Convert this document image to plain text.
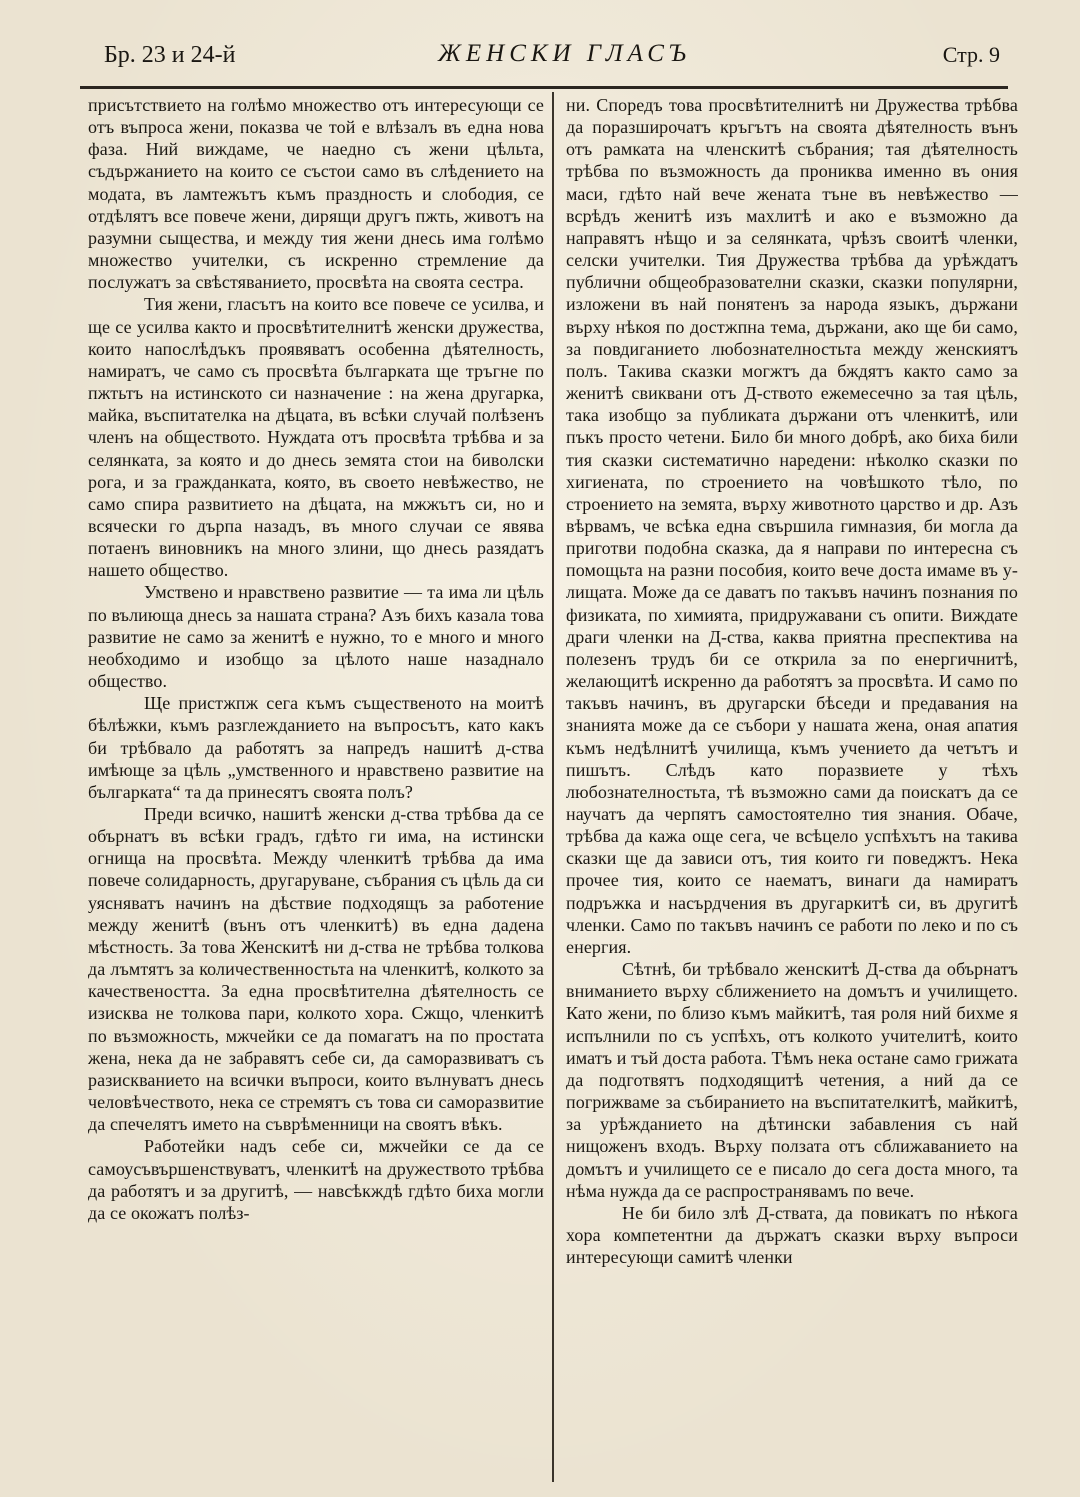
Бр. 23 и 24-й	ЖЕНСКИ ГЛАСЪ	Стр. 9

присътствието на голѣмо множество отъ интересующи се отъ въпроса жени, показва че той е влѣзалъ въ една нова фаза. Ний виждаме, че наедно съ жени цѣльта, съдържанието на които се състои само въ слѣдението на модата, въ ламтежътъ къмъ праздность и слободия, се отдѣлятъ все повече жени, дирящи другъ пжть, животъ на разумни сыщества, и между тия жени днесь има голѣмо множество учителки, съ искренно стремление да послужатъ за свѣстяванието, просвѣта на своята сестра.

Тия жени, гласътъ на които все повече се усилва, и ще се усилва както и просвѣтителнитѣ женски дружества, които напослѣдъкъ проявяватъ особенна дѣятелность, намиратъ, че само съ просвѣта българката ще тръгне по пжтьтъ на истинското си назначение : на жена другарка, майка, въспитателка на дѣцата, въ всѣки случай полѣзенъ членъ на обществото. Нуждата отъ просвѣта трѣбва и за селянката, за която и до днесь земята стои на биволски рога, и за гражданката, която, въ своето невѣжество, не само спира развитието на дѣцата, на мжжътъ си, но и всячески го дърпа назадъ, въ много случаи се явява потаенъ виновникъ на много злини, що днесь разядатъ нашето общество.

Умствено и нравствено развитие — та има ли цѣль по вълиюща днесь за нашата страна? Азъ бихъ казала това развитие не само за женитѣ е нужно, то е много и много необходимо и изобщо за цѣлото наше назаднало общество.

Ще пристжпж сега къмъ същественото на моитѣ бѣлѣжки, къмъ разглежданието на въпросътъ, като какъ би трѣбвало да работятъ за напредъ нашитѣ д-ства имѣюще за цѣль „умственного и нравствено развитие на българката“ та да принесятъ своята полъ?

Преди всичко, нашитѣ женски д-ства трѣбва да се обърнатъ въ всѣки градъ, гдѣто ги има, на истински огнища на просвѣта. Между членкитѣ трѣбва да има повече солидарность, другаруване, събрания съ цѣль да си уясняватъ начинъ на дѣствие подходящъ за работение между женитѣ (вънъ отъ членкитѣ) въ една дадена мѣстность. За това Женскитѣ ни д-ства не трѣбва толкова да лъмтятъ за количественностьта на членкитѣ, колкото за качествеността. За една просвѣтителна дѣятелность се изисква не толкова пари, колкото хора. Сжщо, членкитѣ по възможность, мжчейки се да помагатъ на по простата жена, нека да не забравятъ себе си, да саморазвиватъ съ разискванието на всички въпроси, които вълнуватъ днесь человѣчеството, нека се стремятъ съ това си саморазвитие да спечелятъ името на съврѣменници на своятъ вѣкъ.

Работейки надъ себе си, мжчейки се да се самоусъвършенствуватъ, членкитѣ на дружеството трѣбва да работятъ и за другитѣ, — навсѣкждѣ гдѣто биха могли да се окожатъ полѣз-

ни. Споредъ това просвѣтителнитѣ ни Дружества трѣбва да поразширочатъ кръгътъ на своята дѣятелность вънъ отъ рамката на членскитѣ събрания; тая дѣятелность трѣбва по възможность да прониква именно въ ония маси, гдѣто най вече жената тъне въ невѣжество — всрѣдъ женитѣ изъ махлитѣ и ако е възможно да направятъ нѣщо и за селянката, чрѣзъ своитѣ членки, селски учителки. Тия Дружества трѣбва да урѣждатъ публични общеобразователни сказки, сказки популярни, изложени въ най понятенъ за народа языкъ, държани върху нѣкоя по достжпна тема, държани, ако ще би само, за повдиганието любознателностьта между женскиятъ полъ. Такива сказки могжтъ да бждятъ както само за женитѣ свиквани отъ Д-ството ежемесечно за тая цѣль, така изобщо за публиката държани отъ членкитѣ, или пъкъ просто четени. Било би много добрѣ, ако биха били тия сказки систематично наредени: нѣколко сказки по хигиената, по строението на човѣшкото тѣло, по строението на земята, върху животното царство и др. Азъ вѣрвамъ, че всѣка една свършила гимназия, би могла да приготви подобна сказка, да я направи по интересна съ помощьта на разни пособия, които вече доста имаме въ у-лищата. Може да се даватъ по такъвъ начинъ познания по физиката, по химията, придружавани съ опити. Виждате драги членки на Д-ства, каква приятна преспектива на полезенъ трудъ би се открила за по енергичнитѣ, желающитѣ искренно да работятъ за просвѣта. И само по такъвъ начинъ, въ другарски бѣседи и предавания на знанията може да се събори у нашата жена, оная апатия къмъ недѣлнитѣ училища, къмъ учението да четътъ и пишътъ. Слѣдъ като поразвиете у тѣхъ любознателностьта, тѣ възможно сами да поискатъ да се научатъ да черпятъ самостоятелно тия знания. Обаче, трѣбва да кажа още сега, че всѣцело успѣхътъ на такива сказки ще да зависи отъ, тия които ги поведжтъ. Нека прочее тия, които се наематъ, винаги да намиратъ подръжка и насърдчения въ другаркитѣ си, въ другитѣ членки. Само по такъвъ начинъ се работи по леко и по съ енергия.

Сѣтнѣ, би трѣбвало женскитѣ Д-ства да обърнатъ вниманието върху сближението на домътъ и училището. Като жени, по близо къмъ майкитѣ, тая роля ний бихме я испълнили по съ успѣхъ, отъ колкото учителитѣ, които иматъ и тъй доста работа. Тѣмъ нека остане само грижата да подготвятъ подходящитѣ четения, а ний да се погрижваме за събиранието на въспитателкитѣ, майкитѣ, за урѣжданието на дѣтински забавления съ най нищоженъ входъ. Върху ползата отъ сближаванието на домътъ и училището се е писало до сега доста много, та нѣма нужда да се распространявамъ по вече.

Не би било злѣ Д-ствата, да повикатъ по нѣкога хора компетентни да държатъ сказки върху въпроси интересующи самитѣ членки
